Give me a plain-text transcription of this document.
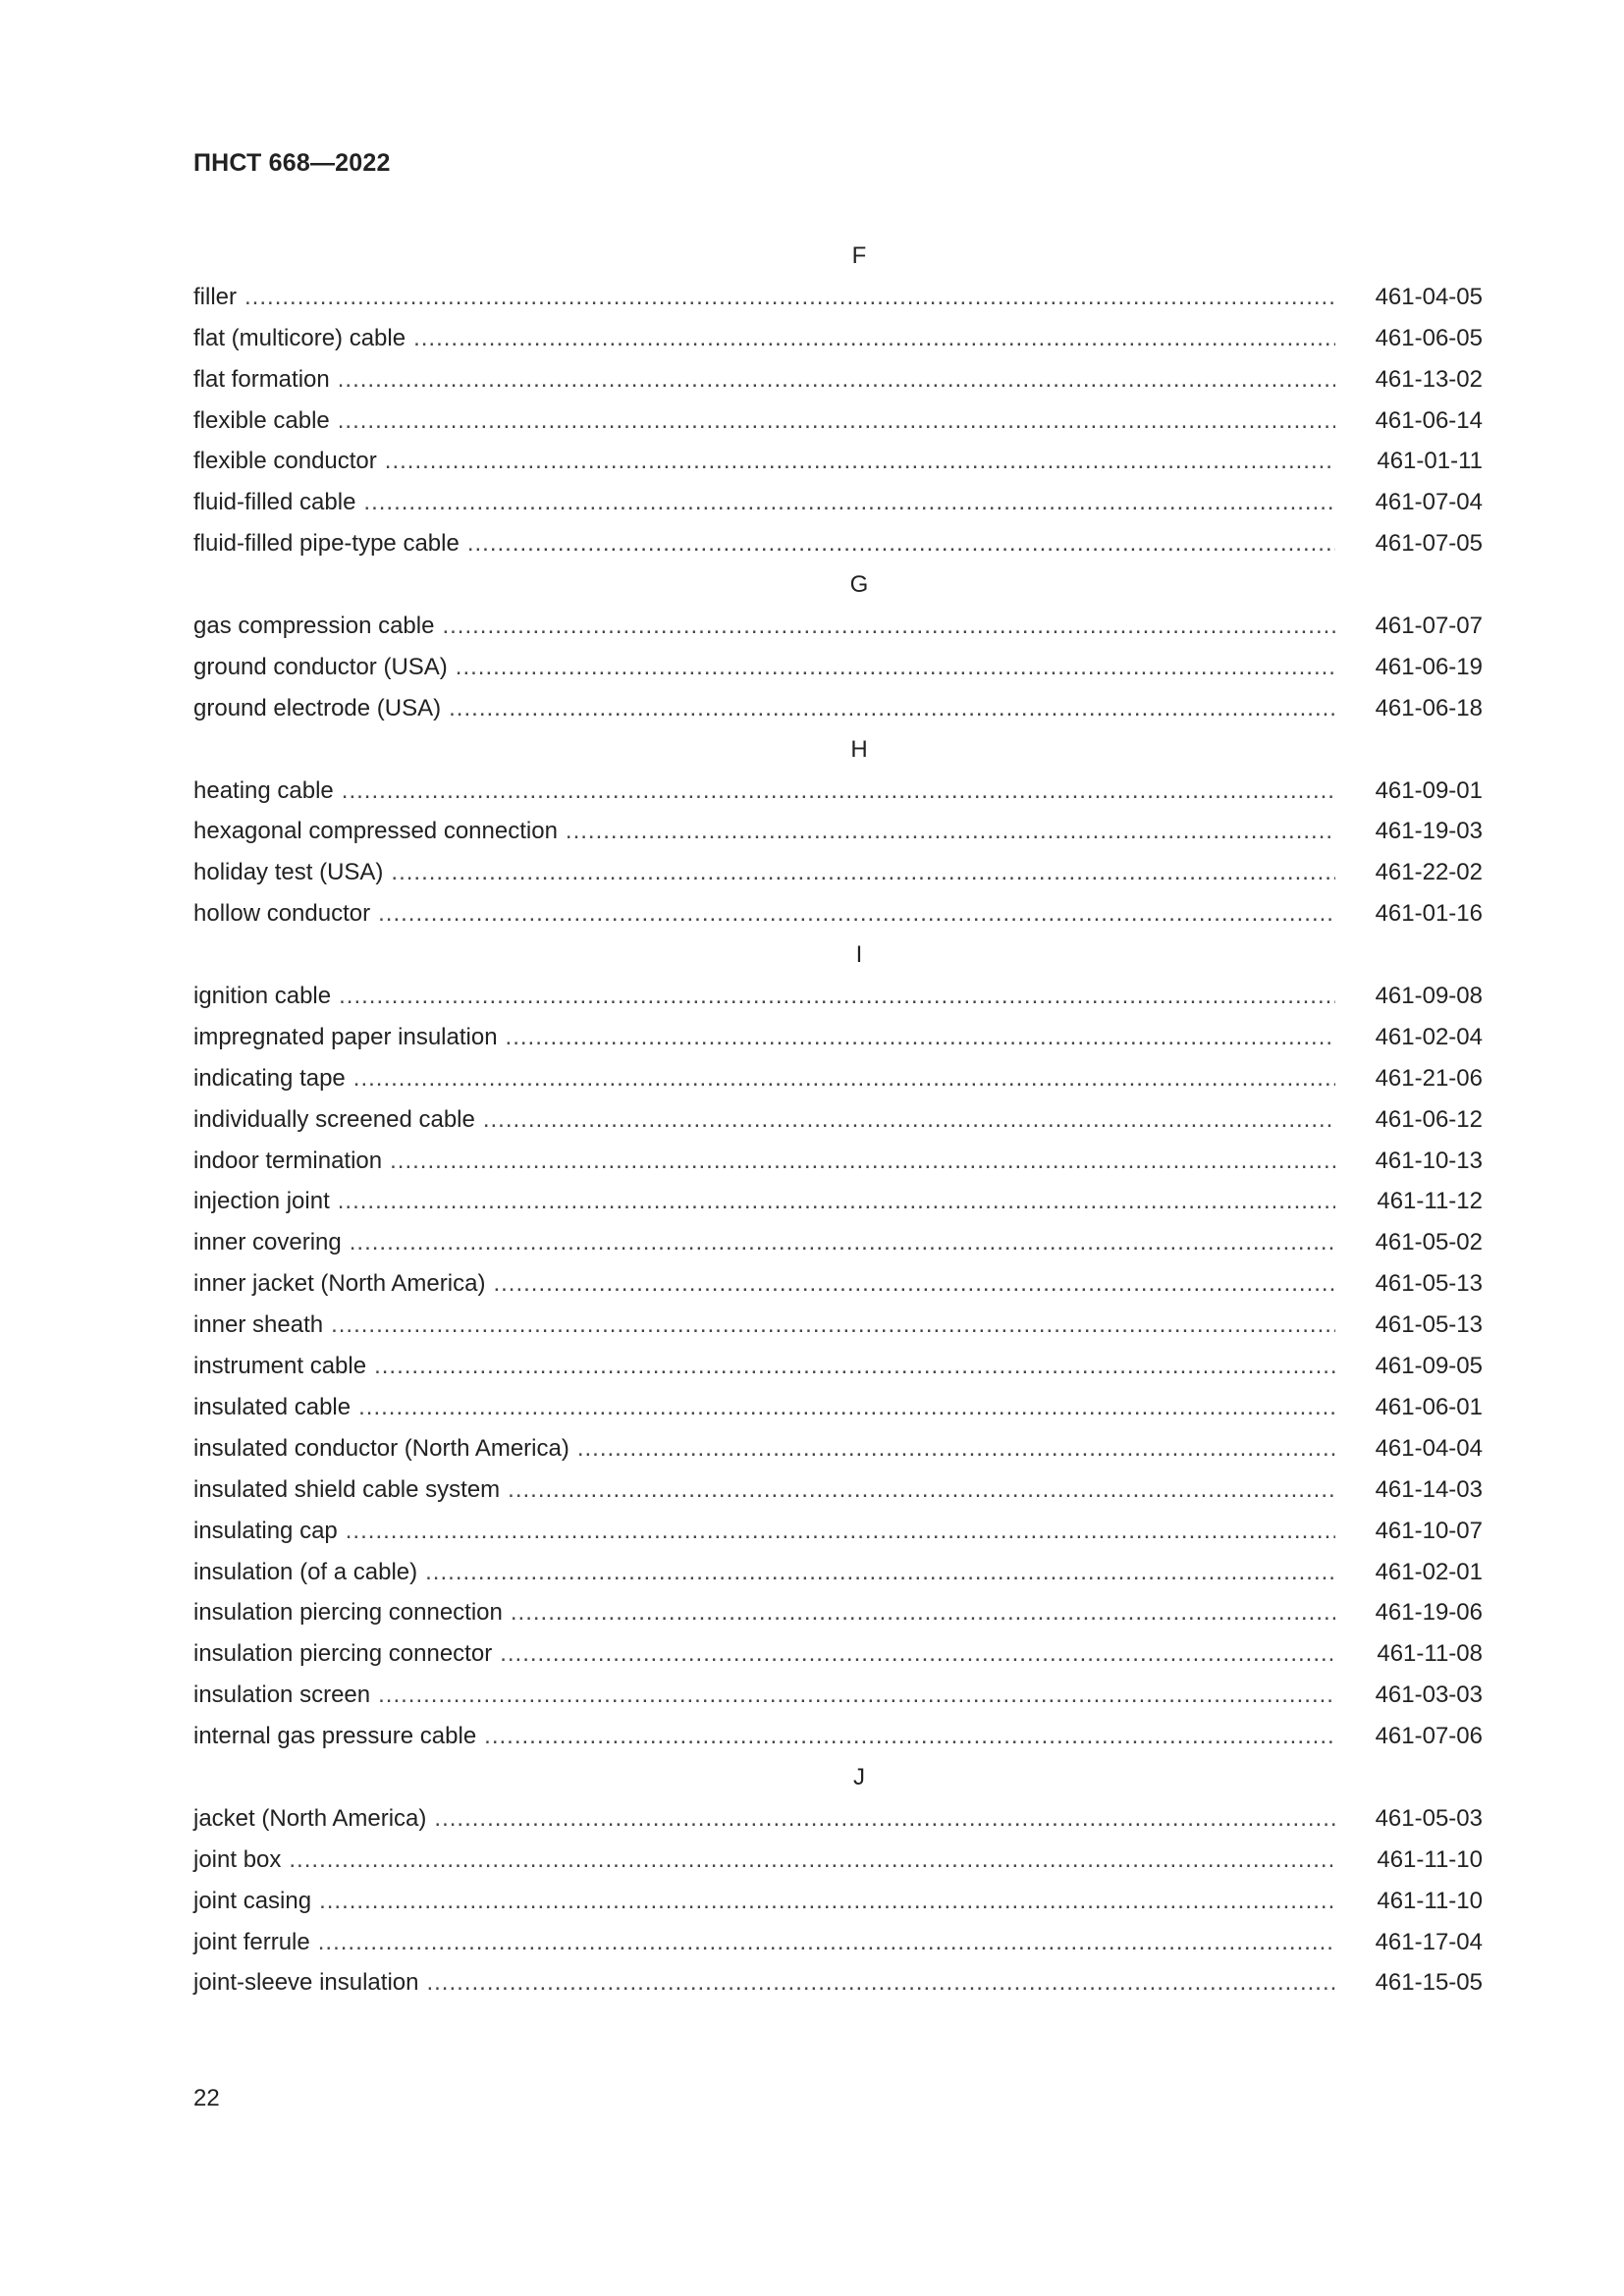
ПНСТ 668—2022
F
filler .....	461-04-05
flat (multicore) cable .....	461-06-05
flat formation .....	461-13-02
flexible cable .....	461-06-14
flexible conductor .....	461-01-11
fluid-filled cable .....	461-07-04
fluid-filled pipe-type cable .....	461-07-05
G
gas compression cable .....	461-07-07
ground conductor (USA) .....	461-06-19
ground electrode (USA) .....	461-06-18
H
heating cable .....	461-09-01
hexagonal compressed connection .....	461-19-03
holiday test (USA) .....	461-22-02
hollow conductor .....	461-01-16
I
ignition cable .....	461-09-08
impregnated paper insulation .....	461-02-04
indicating tape .....	461-21-06
individually screened cable .....	461-06-12
indoor termination .....	461-10-13
injection joint .....	461-11-12
inner covering .....	461-05-02
inner jacket (North America) .....	461-05-13
inner sheath .....	461-05-13
instrument cable .....	461-09-05
insulated cable .....	461-06-01
insulated conductor (North America) .....	461-04-04
insulated shield cable system .....	461-14-03
insulating cap .....	461-10-07
insulation (of a cable) .....	461-02-01
insulation piercing connection .....	461-19-06
insulation piercing connector .....	461-11-08
insulation screen .....	461-03-03
internal gas pressure cable .....	461-07-06
J
jacket (North America) .....	461-05-03
joint box .....	461-11-10
joint casing .....	461-11-10
joint ferrule .....	461-17-04
joint-sleeve insulation .....	461-15-05
22
